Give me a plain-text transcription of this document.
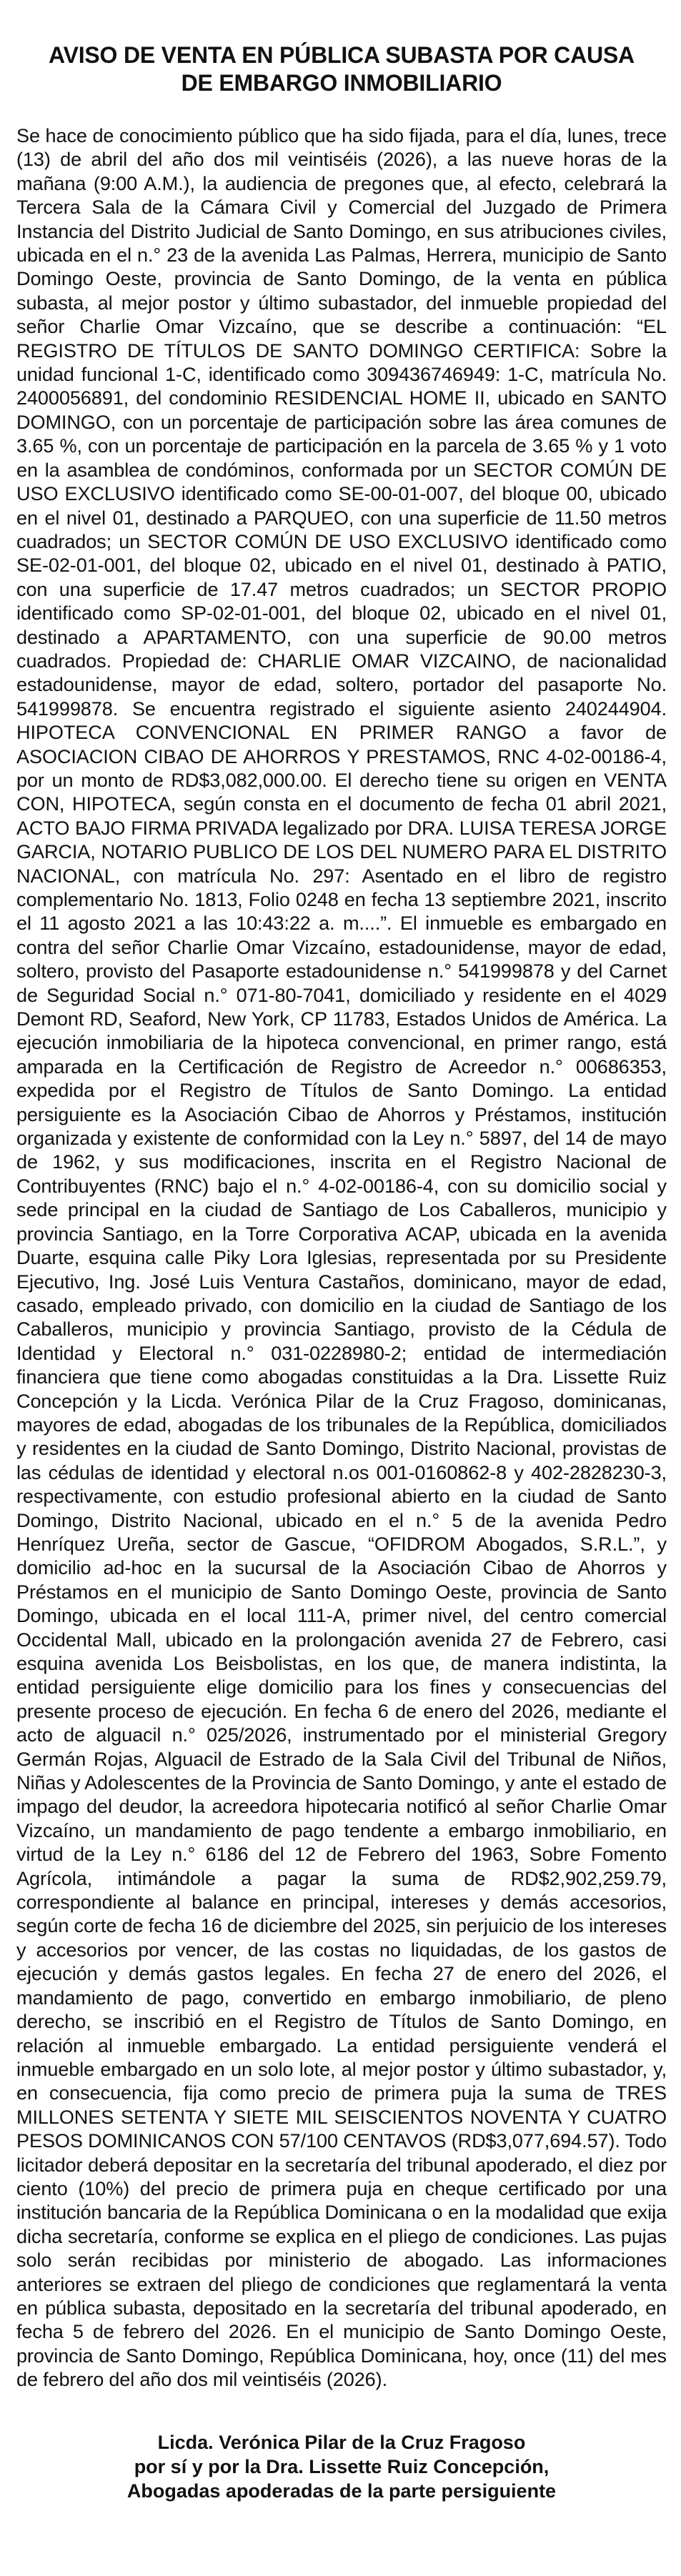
AVISO DE VENTA EN PÚBLICA SUBASTA POR CAUSA
DE EMBARGO INMOBILIARIO

Se hace de conocimiento público que ha sido fijada, para el día, lunes, trece (13) de abril del año dos mil veintiséis (2026), a las nueve horas de la mañana (9:00 A.M.), la audiencia de pregones que, al efecto, celebrará la Tercera Sala de la Cámara Civil y Comercial del Juzgado de Primera Instancia del Distrito Judicial de Santo Domingo, en sus atribuciones civiles, ubicada en el n.° 23 de la avenida Las Palmas, Herrera, municipio de Santo Domingo Oeste, provincia de Santo Domingo, de la venta en pública subasta, al mejor postor y último subastador, del inmueble propiedad del señor Charlie Omar Vizcaíno, que se describe a continuación: “EL REGISTRO DE TÍTULOS DE SANTO DOMINGO CERTIFICA: Sobre la unidad funcional 1-C, identificado como 309436746949: 1-C, matrícula No. 2400056891, del condominio RESIDENCIAL HOME II, ubicado en SANTO DOMINGO, con un porcentaje de participación sobre las área comunes de 3.65 %, con un porcentaje de participación en la parcela de 3.65 % y 1 voto en la asamblea de condóminos, conformada por un SECTOR COMÚN DE USO EXCLUSIVO identificado como SE-00-01-007, del bloque 00, ubicado en el nivel 01, destinado a PARQUEO, con una superficie de 11.50 metros cuadrados; un SECTOR COMÚN DE USO EXCLUSIVO identificado como SE-02-01-001, del bloque 02, ubicado en el nivel 01, destinado à PATIO, con una superficie de 17.47 metros cuadrados; un SECTOR PROPIO identificado como SP-02-01-001, del bloque 02, ubicado en el nivel 01, destinado a APARTAMENTO, con una superficie de 90.00 metros cuadrados. Propiedad de: CHARLIE OMAR VIZCAINO, de nacionalidad estadounidense, mayor de edad, soltero, portador del pasaporte No. 541999878. Se encuentra registrado el siguiente asiento 240244904. HIPOTECA CONVENCIONAL EN PRIMER RANGO a favor de ASOCIACION CIBAO DE AHORROS Y PRESTAMOS, RNC 4-02-00186-4, por un monto de RD$3,082,000.00. El derecho tiene su origen en VENTA CON, HIPOTECA, según consta en el documento de fecha 01 abril 2021, ACTO BAJO FIRMA PRIVADA legalizado por DRA. LUISA TERESA JORGE GARCIA, NOTARIO PUBLICO DE LOS DEL NUMERO PARA EL DISTRITO NACIONAL, con matrícula No. 297: Asentado en el libro de registro complementario No. 1813, Folio 0248 en fecha 13 septiembre 2021, inscrito el 11 agosto 2021 a las 10:43:22 a. m....”. El inmueble es embargado en contra del señor Charlie Omar Vizcaíno, estadounidense, mayor de edad, soltero, provisto del Pasaporte estadounidense n.° 541999878 y del Carnet de Seguridad Social n.° 071-80-7041, domiciliado y residente en el 4029 Demont RD, Seaford, New York, CP 11783, Estados Unidos de América. La ejecución inmobiliaria de la hipoteca convencional, en primer rango, está amparada en la Certificación de Registro de Acreedor n.° 00686353, expedida por el Registro de Títulos de Santo Domingo. La entidad persiguiente es la Asociación Cibao de Ahorros y Préstamos, institución organizada y existente de conformidad con la Ley n.° 5897, del 14 de mayo de 1962, y sus modificaciones, inscrita en el Registro Nacional de Contribuyentes (RNC) bajo el n.° 4-02-00186-4, con su domicilio social y sede principal en la ciudad de Santiago de Los Caballeros, municipio y provincia Santiago, en la Torre Corporativa ACAP, ubicada en la avenida Duarte, esquina calle Piky Lora Iglesias, representada por su Presidente Ejecutivo, Ing. José Luis Ventura Castaños, dominicano, mayor de edad, casado, empleado privado, con domicilio en la ciudad de Santiago de los Caballeros, municipio y provincia Santiago, provisto de la Cédula de Identidad y Electoral n.° 031-0228980-2; entidad de intermediación financiera que tiene como abogadas constituidas a la Dra. Lissette Ruiz Concepción y la Licda. Verónica Pilar de la Cruz Fragoso, dominicanas, mayores de edad, abogadas de los tribunales de la República, domiciliados y residentes en la ciudad de Santo Domingo, Distrito Nacional, provistas de las cédulas de identidad y electoral n.os 001-0160862-8 y 402-2828230-3, respectivamente, con estudio profesional abierto en la ciudad de Santo Domingo, Distrito Nacional, ubicado en el n.° 5 de la avenida Pedro Henríquez Ureña, sector de Gascue, “OFIDROM Abogados, S.R.L.”, y domicilio ad-hoc en la sucursal de la Asociación Cibao de Ahorros y Préstamos en el municipio de Santo Domingo Oeste, provincia de Santo Domingo, ubicada en el local 111-A, primer nivel, del centro comercial Occidental Mall, ubicado en la prolongación avenida 27 de Febrero, casi esquina avenida Los Beisbolistas, en los que, de manera indistinta, la entidad persiguiente elige domicilio para los fines y consecuencias del presente proceso de ejecución. En fecha 6 de enero del 2026, mediante el acto de alguacil n.° 025/2026, instrumentado por el ministerial Gregory Germán Rojas, Alguacil de Estrado de la Sala Civil del Tribunal de Niños, Niñas y Adolescentes de la Provincia de Santo Domingo, y ante el estado de impago del deudor, la acreedora hipotecaria notificó al señor Charlie Omar Vizcaíno, un mandamiento de pago tendente a embargo inmobiliario, en virtud de la Ley n.° 6186 del 12 de Febrero del 1963, Sobre Fomento Agrícola, intimándole a pagar la suma de RD$2,902,259.79, correspondiente al balance en principal, intereses y demás accesorios, según corte de fecha 16 de diciembre del 2025, sin perjuicio de los intereses y accesorios por vencer, de las costas no liquidadas, de los gastos de ejecución y demás gastos legales. En fecha 27 de enero del 2026, el mandamiento de pago, convertido en embargo inmobiliario, de pleno derecho, se inscribió en el Registro de Títulos de Santo Domingo, en relación al inmueble embargado. La entidad persiguiente venderá el inmueble embargado en un solo lote, al mejor postor y último subastador, y, en consecuencia, fija como precio de primera puja la suma de TRES MILLONES SETENTA Y SIETE MIL SEISCIENTOS NOVENTA Y CUATRO PESOS DOMINICANOS CON 57/100 CENTAVOS (RD$3,077,694.57). Todo licitador deberá depositar en la secretaría del tribunal apoderado, el diez por ciento (10%) del precio de primera puja en cheque certificado por una institución bancaria de la República Dominicana o en la modalidad que exija dicha secretaría, conforme se explica en el pliego de condiciones. Las pujas solo serán recibidas por ministerio de abogado. Las informaciones anteriores se extraen del pliego de condiciones que reglamentará la venta en pública subasta, depositado en la secretaría del tribunal apoderado, en fecha 5 de febrero del 2026. En el municipio de Santo Domingo Oeste, provincia de Santo Domingo, República Dominicana, hoy, once (11) del mes de febrero del año dos mil veintiséis (2026).

Licda. Verónica Pilar de la Cruz Fragoso
por sí y por la Dra. Lissette Ruiz Concepción,
Abogadas apoderadas de la parte persiguiente
